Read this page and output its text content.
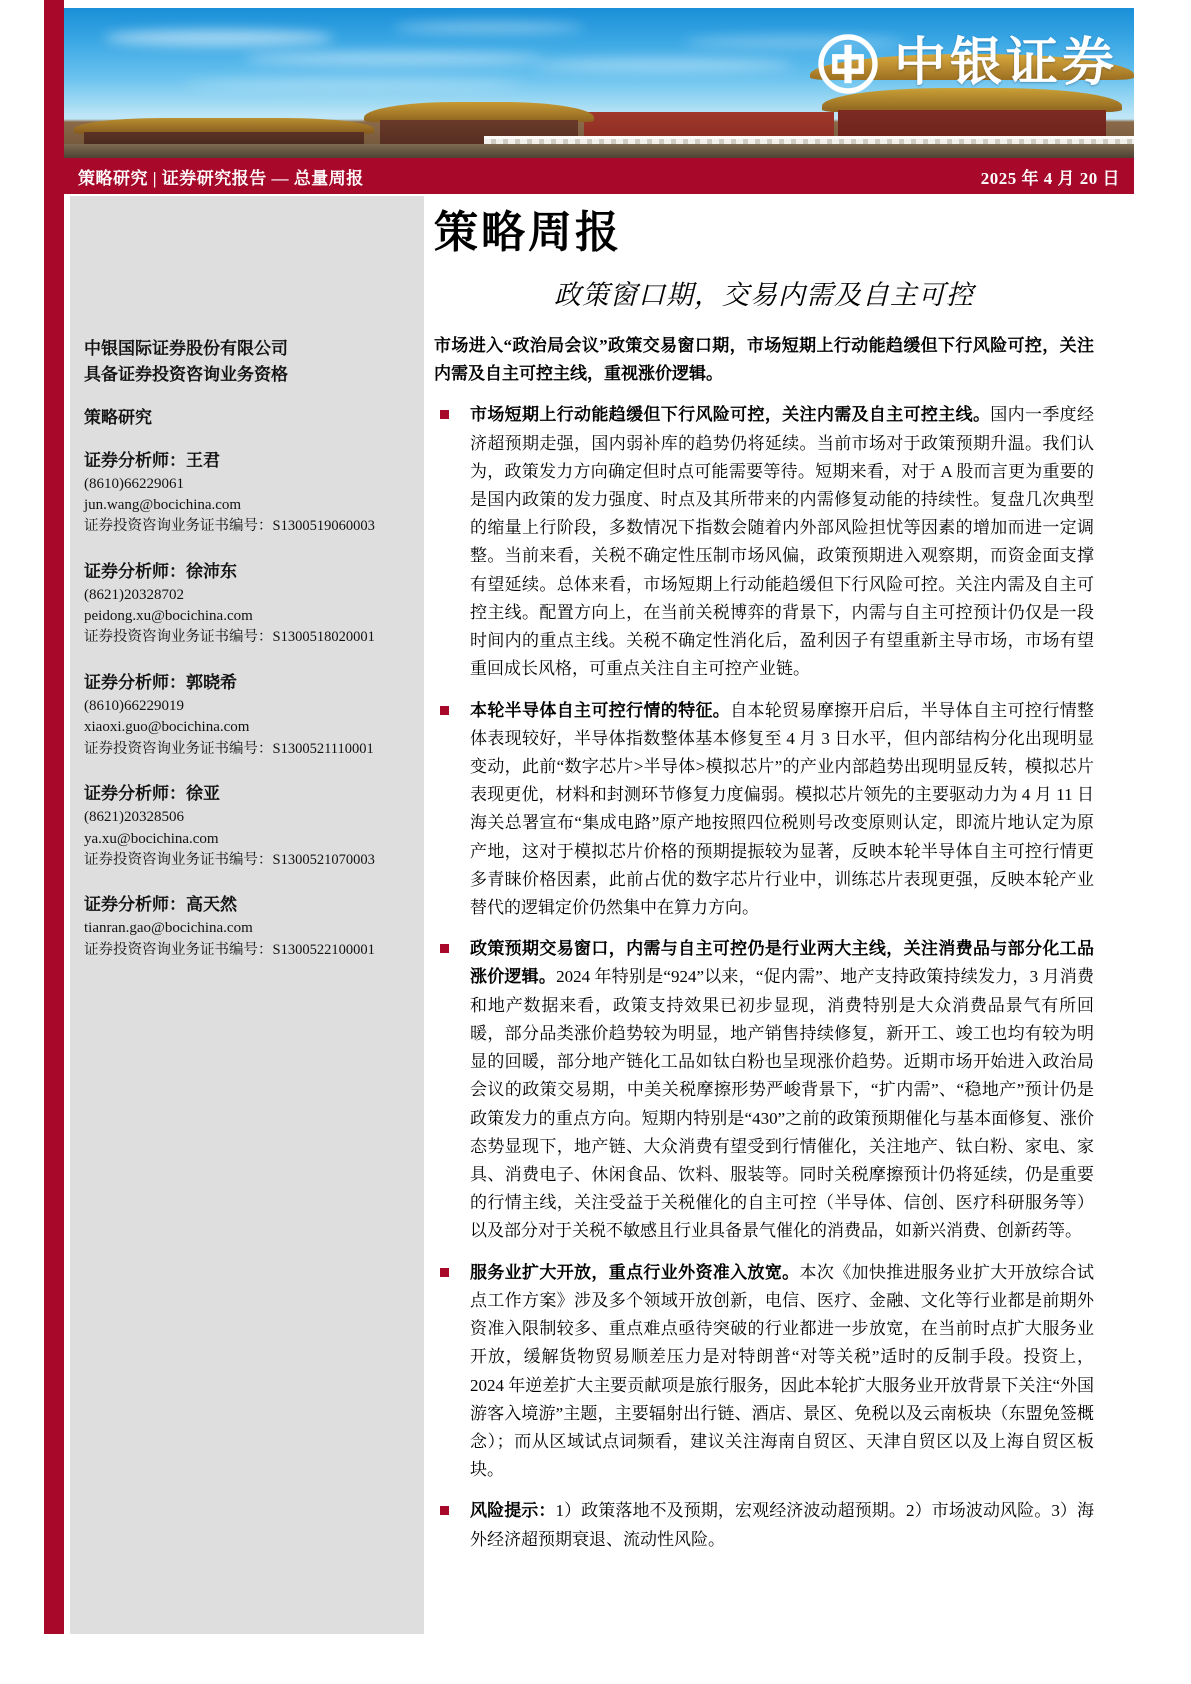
中银证券
策略研究 | 证券研究报告 — 总量周报	2025 年 4 月 20 日
中银国际证券股份有限公司
具备证券投资咨询业务资格
策略研究
证券分析师：王君
(8610)66229061
jun.wang@bocichina.com
证券投资咨询业务证书编号：S1300519060003
证券分析师：徐沛东
(8621)20328702
peidong.xu@bocichina.com
证券投资咨询业务证书编号：S1300518020001
证券分析师：郭晓希
(8610)66229019
xiaoxi.guo@bocichina.com
证券投资咨询业务证书编号：S1300521110001
证券分析师：徐亚
(8621)20328506
ya.xu@bocichina.com
证券投资咨询业务证书编号：S1300521070003
证券分析师：高天然
tianran.gao@bocichina.com
证券投资咨询业务证书编号：S1300522100001
策略周报
政策窗口期，交易内需及自主可控

市场进入“政治局会议”政策交易窗口期，市场短期上行动能趋缓但下行风险可控，关注内需及自主可控主线，重视涨价逻辑。

市场短期上行动能趋缓但下行风险可控，关注内需及自主可控主线。国内一季度经济超预期走强，国内弱补库的趋势仍将延续。当前市场对于政策预期升温。我们认为，政策发力方向确定但时点可能需要等待。短期来看，对于 A 股而言更为重要的是国内政策的发力强度、时点及其所带来的内需修复动能的持续性。复盘几次典型的缩量上行阶段，多数情况下指数会随着内外部风险担忧等因素的增加而进一定调整。当前来看，关税不确定性压制市场风偏，政策预期进入观察期，而资金面支撑有望延续。总体来看，市场短期上行动能趋缓但下行风险可控。关注内需及自主可控主线。配置方向上，在当前关税博弈的背景下，内需与自主可控预计仍仅是一段时间内的重点主线。关税不确定性消化后，盈利因子有望重新主导市场，市场有望重回成长风格，可重点关注自主可控产业链。
本轮半导体自主可控行情的特征。自本轮贸易摩擦开启后，半导体自主可控行情整体表现较好，半导体指数整体基本修复至 4 月 3 日水平，但内部结构分化出现明显变动，此前“数字芯片>半导体>模拟芯片”的产业内部趋势出现明显反转，模拟芯片表现更优，材料和封测环节修复力度偏弱。模拟芯片领先的主要驱动力为 4 月 11 日海关总署宣布“集成电路”原产地按照四位税则号改变原则认定，即流片地认定为原产地，这对于模拟芯片价格的预期提振较为显著，反映本轮半导体自主可控行情更多青睐价格因素，此前占优的数字芯片行业中，训练芯片表现更强，反映本轮产业替代的逻辑定价仍然集中在算力方向。
政策预期交易窗口，内需与自主可控仍是行业两大主线，关注消费品与部分化工品涨价逻辑。2024 年特别是“924”以来，“促内需”、地产支持政策持续发力，3 月消费和地产数据来看，政策支持效果已初步显现，消费特别是大众消费品景气有所回暖，部分品类涨价趋势较为明显，地产销售持续修复，新开工、竣工也均有较为明显的回暖，部分地产链化工品如钛白粉也呈现涨价趋势。近期市场开始进入政治局会议的政策交易期，中美关税摩擦形势严峻背景下，“扩内需”、“稳地产”预计仍是政策发力的重点方向。短期内特别是“430”之前的政策预期催化与基本面修复、涨价态势显现下，地产链、大众消费有望受到行情催化，关注地产、钛白粉、家电、家具、消费电子、休闲食品、饮料、服装等。同时关税摩擦预计仍将延续，仍是重要的行情主线，关注受益于关税催化的自主可控（半导体、信创、医疗科研服务等）以及部分对于关税不敏感且行业具备景气催化的消费品，如新兴消费、创新药等。
服务业扩大开放，重点行业外资准入放宽。本次《加快推进服务业扩大开放综合试点工作方案》涉及多个领域开放创新，电信、医疗、金融、文化等行业都是前期外资准入限制较多、重点难点亟待突破的行业都进一步放宽，在当前时点扩大服务业开放，缓解货物贸易顺差压力是对特朗普“对等关税”适时的反制手段。投资上，2024 年逆差扩大主要贡献项是旅行服务，因此本轮扩大服务业开放背景下关注“外国游客入境游”主题，主要辐射出行链、酒店、景区、免税以及云南板块（东盟免签概念）；而从区域试点词频看，建议关注海南自贸区、天津自贸区以及上海自贸区板块。
风险提示：1）政策落地不及预期，宏观经济波动超预期。2）市场波动风险。3）海外经济超预期衰退、流动性风险。
